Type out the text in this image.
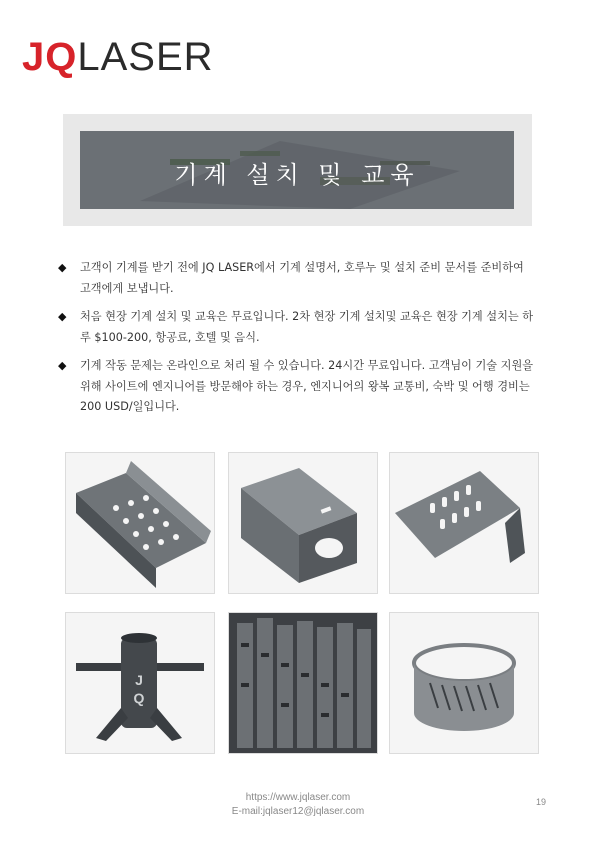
JQ LASER
기계 설치 및 교육
◆ 고객이 기계를 받기 전에 JQ LASER에서 기계 설명서, 호루누 및 설치 준비 문서를 준비하여 고객에게 보냅니다.
◆ 처음 현장 기계 설치 및 교육은 무료입니다. 2차 현장 기계 설치및 교육은 현장 기계 설치는 하루 $100-200, 항공료, 호텔 및 음식.
◆ 기계 작동 문제는 온라인으로 처리 될 수 있습니다. 24시간 무료입니다. 고객님이 기술 지원을 위해 사이트에 엔지니어를 방문해야 하는 경우, 엔지니어의 왕복 교통비, 숙박 및 어행 경비는 200 USD/일입니다.
J
Q
https://www.jqlaser.com
E-mail:jqlaser12@jqlaser.com
19
